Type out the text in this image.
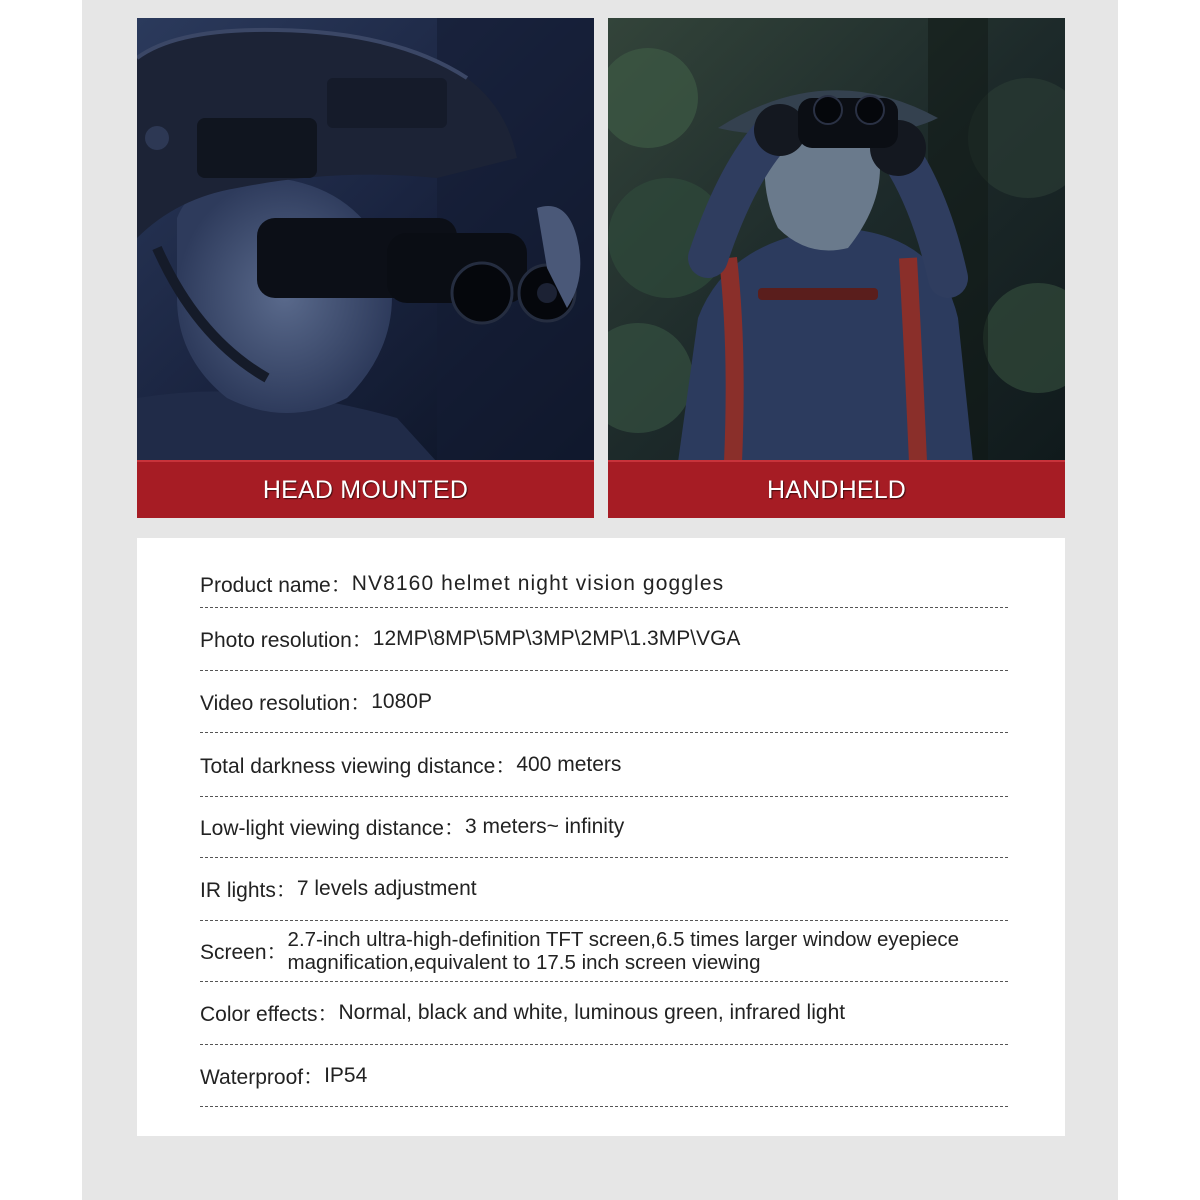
HEAD MOUNTED	HANDHELD
Product name： NV8160 helmet night vision goggles
Photo resolution： 12MP\8MP\5MP\3MP\2MP\1.3MP\VGA
Video resolution： 1080P
Total darkness viewing distance： 400 meters
Low-light viewing distance： 3 meters~ infinity
IR lights： 7 levels adjustment
Screen：
2.7-inch ultra-high-definition TFT screen,6.5 times larger window eyepiece magnification,equivalent to 17.5 inch screen viewing
Color effects： Normal, black and white, luminous green, infrared light
Waterproof： IP54
